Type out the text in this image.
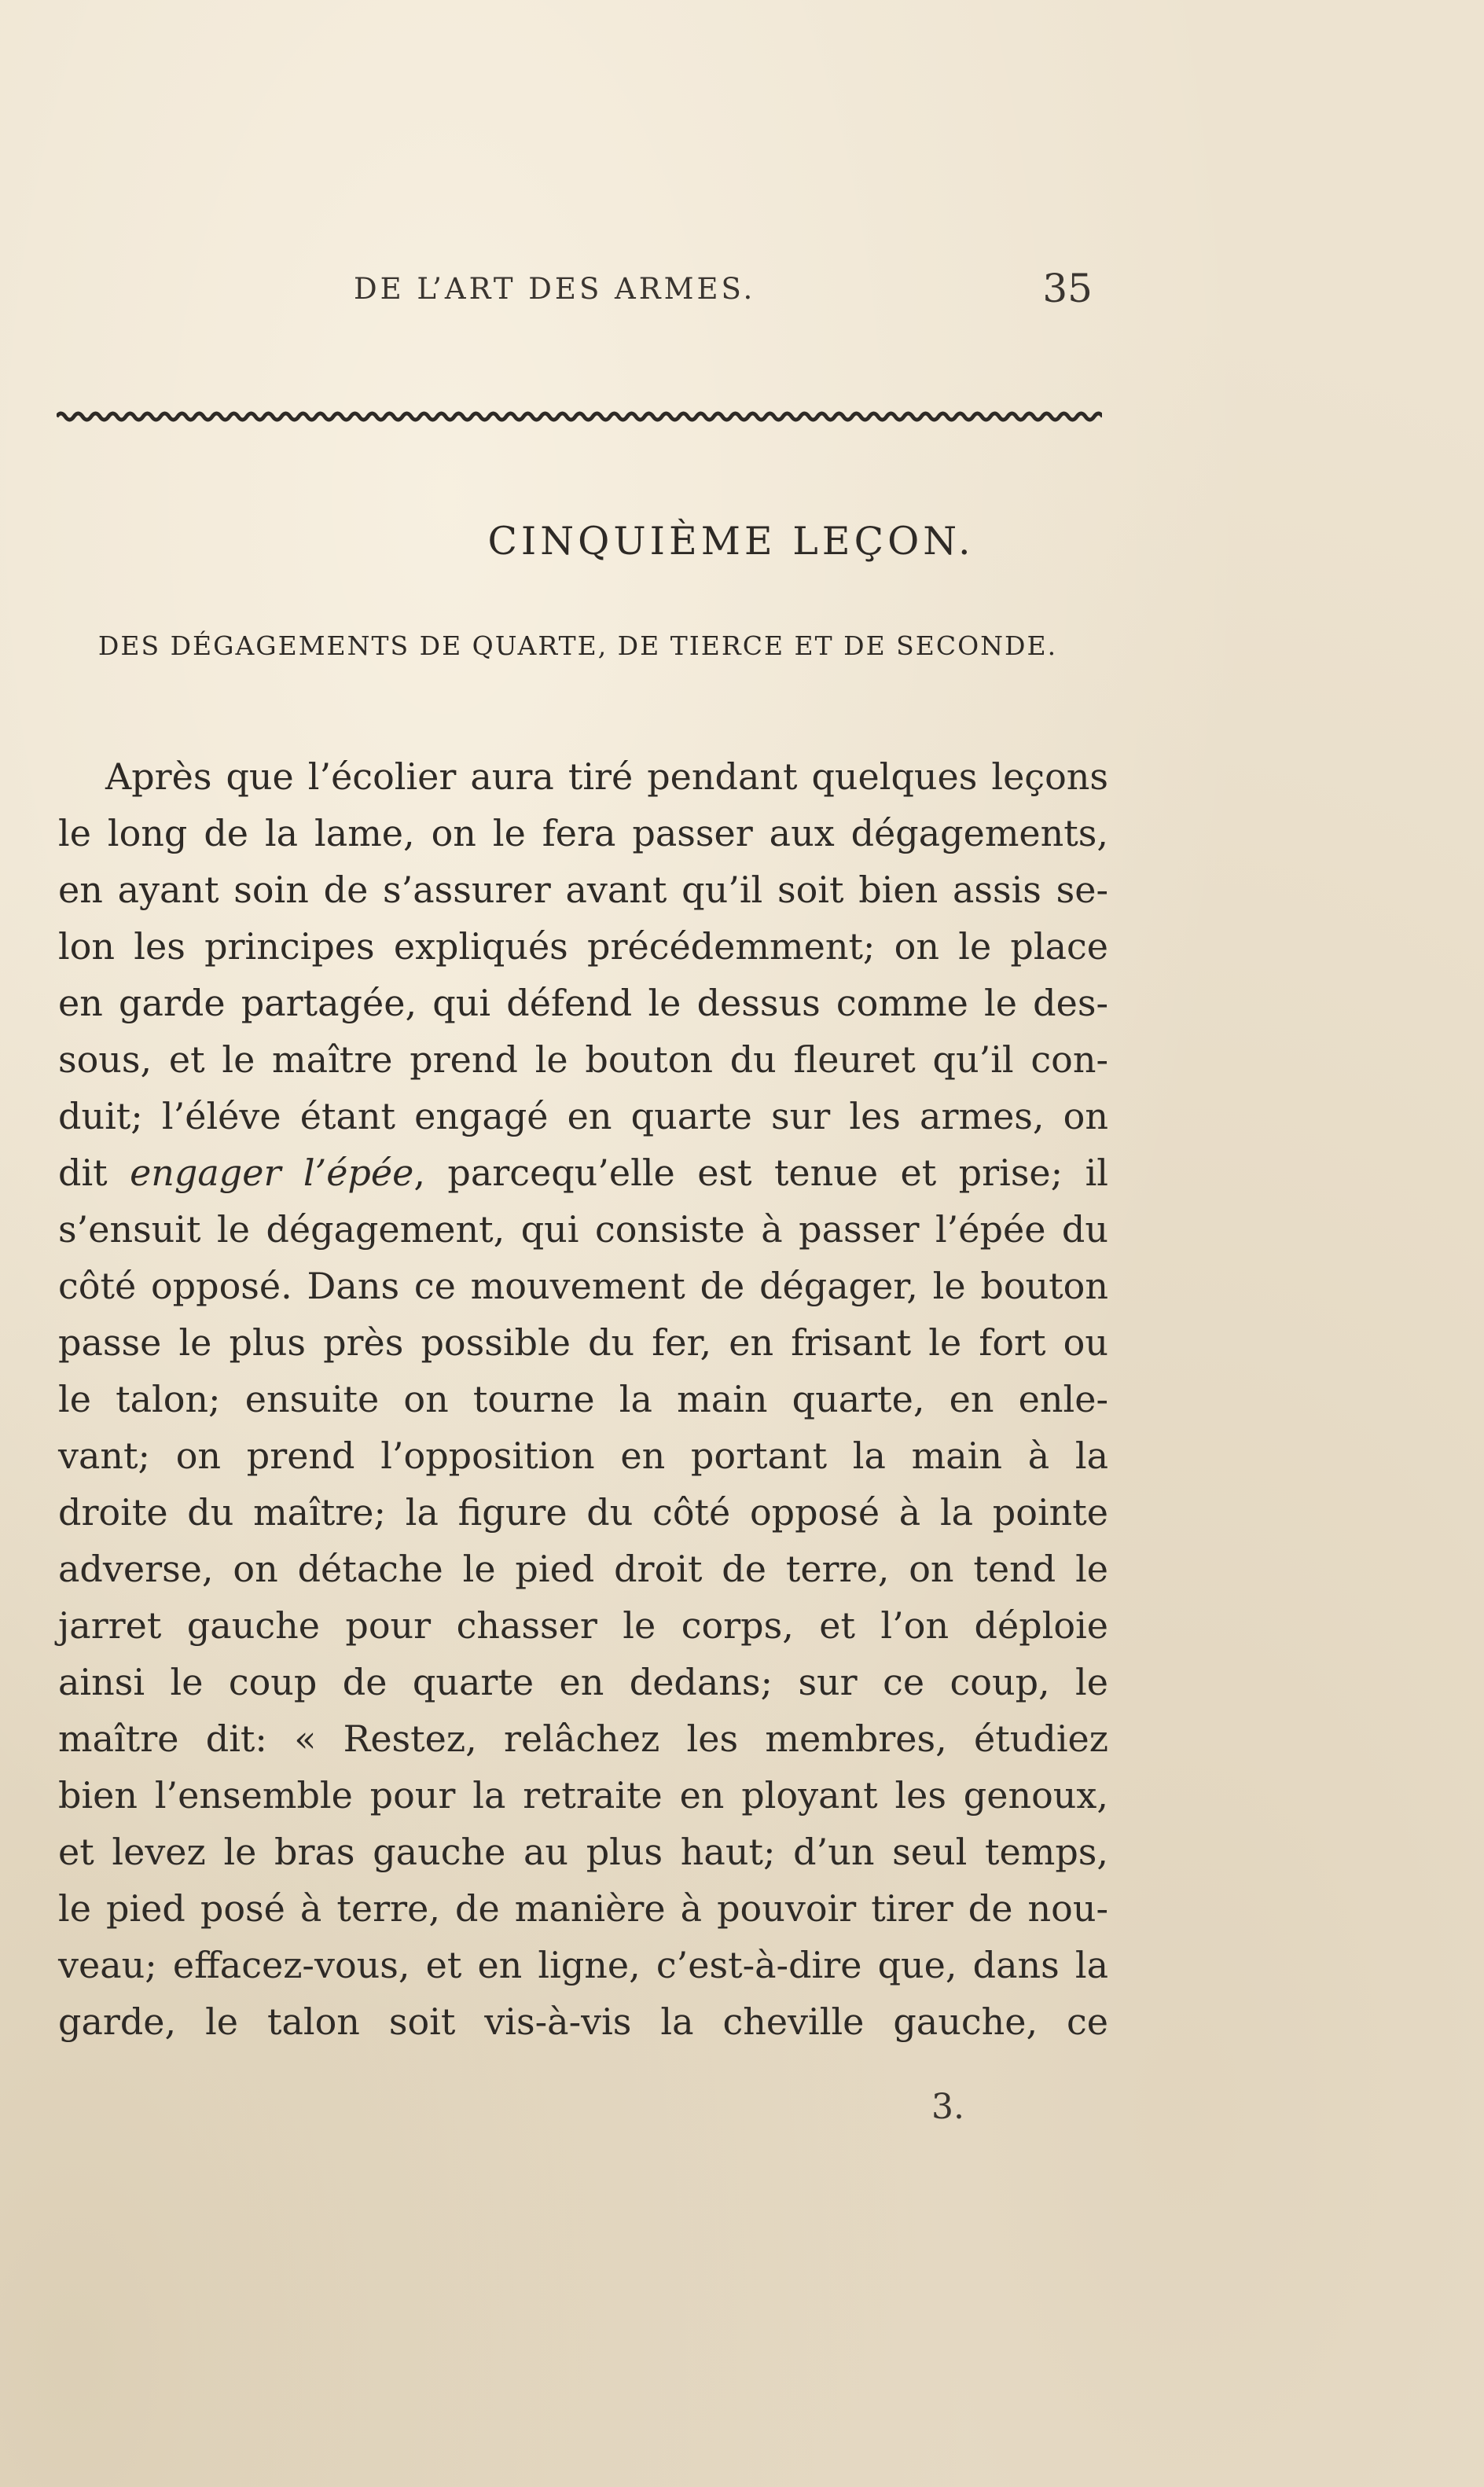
DE L’ART DES ARMES.	35
CINQUIÈME LEÇON.
DES DÉGAGEMENTS DE QUARTE, DE TIERCE ET DE SECONDE.
Après que l’écolier aura tiré pendant quelques leçons
le long de la lame, on le fera passer aux dégagements,
en ayant soin de s’assurer avant qu’il soit bien assis se-
lon les principes expliqués précédemment; on le place
en garde partagée, qui défend le dessus comme le des-
sous, et le maître prend le bouton du fleuret qu’il con-
duit; l’éléve étant engagé en quarte sur les armes, on
dit engager l’épée, parcequ’elle est tenue et prise; il
s’ensuit le dégagement, qui consiste à passer l’épée du
côté opposé. Dans ce mouvement de dégager, le bouton
passe le plus près possible du fer, en frisant le fort ou
le talon; ensuite on tourne la main quarte, en enle-
vant; on prend l’opposition en portant la main à la
droite du maître; la figure du côté opposé à la pointe
adverse, on détache le pied droit de terre, on tend le
jarret gauche pour chasser le corps, et l’on déploie
ainsi le coup de quarte en dedans; sur ce coup, le
maître dit: « Restez, relâchez les membres, étudiez
bien l’ensemble pour la retraite en ployant les genoux,
et levez le bras gauche au plus haut; d’un seul temps,
le pied posé à terre, de manière à pouvoir tirer de nou-
veau; effacez-vous, et en ligne, c’est-à-dire que, dans la
garde, le talon soit vis-à-vis la cheville gauche, ce
3.
